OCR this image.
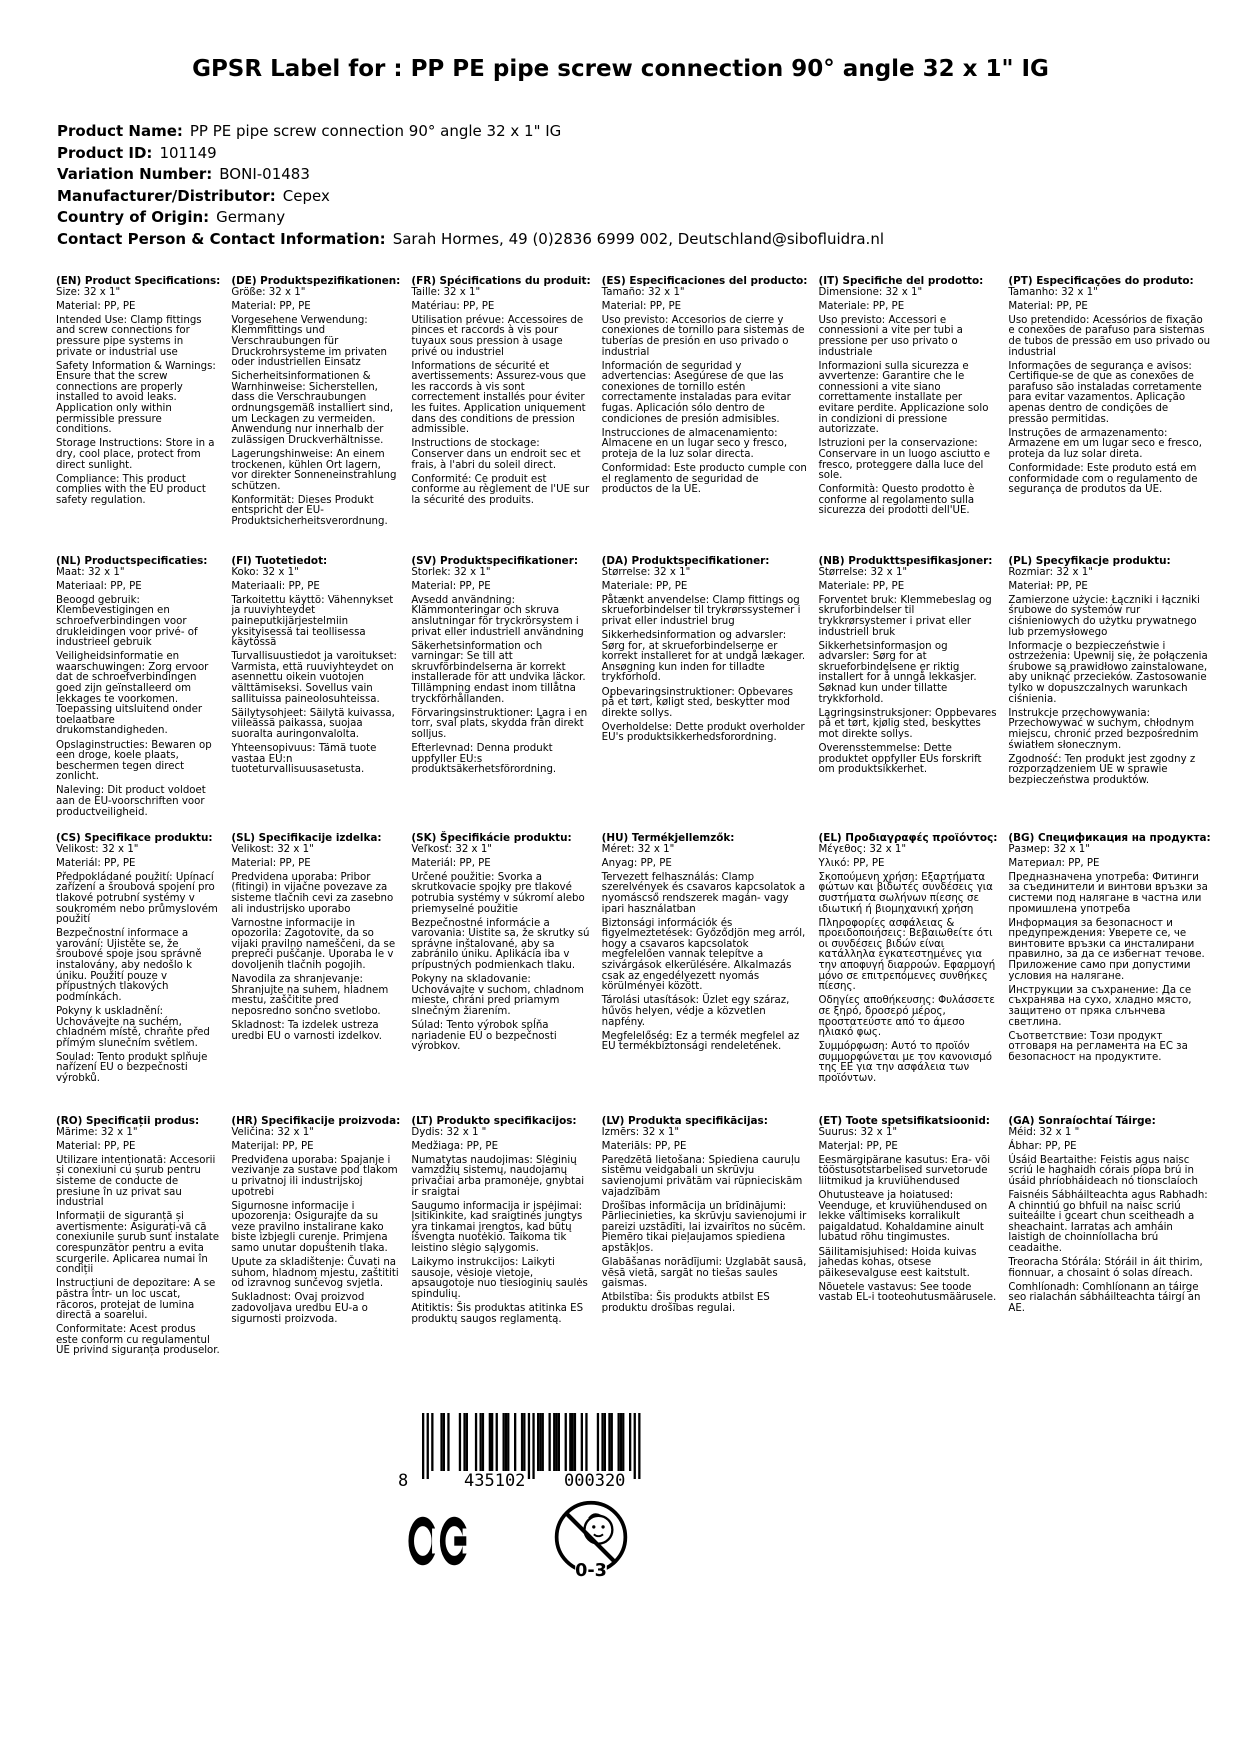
GPSR Label for : PP PE pipe screw connection 90° angle 32 x 1" IG
Product Name: PP PE pipe screw connection 90° angle 32 x 1" IG
Product ID: 101149
Variation Number: BONI-01483
Manufacturer/Distributor: Cepex
Country of Origin: Germany
Contact Person & Contact Information: Sarah Hormes, 49 (0)2836 6999 002, Deutschland@sibofluidra.nl
(EN) Product Specifications:

Size: 32 x 1"

Material: PP, PE

Intended Use: Clamp fittings and screw connections for pressure pipe systems in private or industrial use

Safety Information & Warnings: Ensure that the screw connections are properly installed to avoid leaks. Application only within permissible pressure conditions.

Storage Instructions: Store in a dry, cool place, protect from direct sunlight.

Compliance: This product complies with the EU product safety regulation.

(DE) Produktspezifikationen:

Größe: 32 x 1"

Material: PP, PE

Vorgesehene Verwendung: Klemmfittings und Verschraubungen für Druckrohrsysteme im privaten oder industriellen Einsatz

Sicherheitsinformationen & Warnhinweise: Sicherstellen, dass die Verschraubungen ordnungsgemäß installiert sind, um Leckagen zu vermeiden. Anwendung nur innerhalb der zulässigen Druckverhältnisse.

Lagerungshinweise: An einem trockenen, kühlen Ort lagern, vor direkter Sonneneinstrahlung schützen.

Konformität: Dieses Produkt entspricht der EU-Produktsicherheitsverordnung.

(FR) Spécifications du produit:

Taille: 32 x 1"

Matériau: PP, PE

Utilisation prévue: Accessoires de pinces et raccords à vis pour tuyaux sous pression à usage privé ou industriel

Informations de sécurité et avertissements: Assurez-vous que les raccords à vis sont correctement installés pour éviter les fuites. Application uniquement dans des conditions de pression admissible.

Instructions de stockage: Conserver dans un endroit sec et frais, à l'abri du soleil direct.

Conformité: Ce produit est conforme au règlement de l'UE sur la sécurité des produits.

(ES) Especificaciones del producto:

Tamaño: 32 x 1"

Material: PP, PE

Uso previsto: Accesorios de cierre y conexiones de tornillo para sistemas de tuberías de presión en uso privado o industrial

Información de seguridad y advertencias: Asegúrese de que las conexiones de tornillo estén correctamente instaladas para evitar fugas. Aplicación sólo dentro de condiciones de presión admisibles.

Instrucciones de almacenamiento: Almacene en un lugar seco y fresco, proteja de la luz solar directa.

Conformidad: Este producto cumple con el reglamento de seguridad de productos de la UE.

(IT) Specifiche del prodotto:

Dimensione: 32 x 1"

Materiale: PP, PE

Uso previsto: Accessori e connessioni a vite per tubi a pressione per uso privato o industriale

Informazioni sulla sicurezza e avvertenze: Garantire che le connessioni a vite siano correttamente installate per evitare perdite. Applicazione solo in condizioni di pressione autorizzate.

Istruzioni per la conservazione: Conservare in un luogo asciutto e fresco, proteggere dalla luce del sole.

Conformità: Questo prodotto è conforme al regolamento sulla sicurezza dei prodotti dell'UE.

(PT) Especificações do produto:

Tamanho: 32 x 1"

Material: PP, PE

Uso pretendido: Acessórios de fixação e conexões de parafuso para sistemas de tubos de pressão em uso privado ou industrial

Informações de segurança e avisos: Certifique-se de que as conexões de parafuso são instaladas corretamente para evitar vazamentos. Aplicação apenas dentro de condições de pressão permitidas.

Instruções de armazenamento: Armazene em um lugar seco e fresco, proteja da luz solar direta.

Conformidade: Este produto está em conformidade com o regulamento de segurança de produtos da UE.

(NL) Productspecificaties:

Maat: 32 x 1"

Materiaal: PP, PE

Beoogd gebruik: Klembevestigingen en schroefverbindingen voor drukleidingen voor privé- of industrieel gebruik

Veiligheidsinformatie en waarschuwingen: Zorg ervoor dat de schroefverbindingen goed zijn geïnstalleerd om lekkages te voorkomen. Toepassing uitsluitend onder toelaatbare drukomstandigheden.

Opslaginstructies: Bewaren op een droge, koele plaats, beschermen tegen direct zonlicht.

Naleving: Dit product voldoet aan de EU-voorschriften voor productveiligheid.

(FI) Tuotetiedot:

Koko: 32 x 1"

Materiaali: PP, PE

Tarkoitettu käyttö: Vähennykset ja ruuviyhteydet paineputkijärjestelmiin yksityisessä tai teollisessa käytössä

Turvallisuustiedot ja varoitukset: Varmista, että ruuviyhteydet on asennettu oikein vuotojen välttämiseksi. Sovellus vain sallituissa paineolosuhteissa.

Säilytysohjeet: Säilytä kuivassa, viileässä paikassa, suojaa suoralta auringonvalolta.

Yhteensopivuus: Tämä tuote vastaa EU:n tuoteturvallisuusasetusta.

(SV) Produktspecifikationer:

Storlek: 32 x 1"

Material: PP, PE

Avsedd användning: Klämmonteringar och skruva anslutningar för tryckrörsystem i privat eller industriell användning

Säkerhetsinformation och varningar: Se till att skruvförbindelserna är korrekt installerade för att undvika läckor. Tillämpning endast inom tillåtna tryckförhållanden.

Förvaringsinstruktioner: Lagra i en torr, sval plats, skydda från direkt solljus.

Efterlevnad: Denna produkt uppfyller EU:s produktsäkerhetsförordning.

(DA) Produktspecifikationer:

Størrelse: 32 x 1"

Materiale: PP, PE

Påtænkt anvendelse: Clamp fittings og skrueforbindelser til trykrørssystemer i privat eller industriel brug

Sikkerhedsinformation og advarsler: Sørg for, at skrueforbindelserne er korrekt installeret for at undgå lækager. Ansøgning kun inden for tilladte trykforhold.

Opbevaringsinstruktioner: Opbevares på et tørt, køligt sted, beskytter mod direkte sollys.

Overholdelse: Dette produkt overholder EU's produktsikkerhedsforordning.

(NB) Produkttspesifikasjoner:

Størrelse: 32 x 1"

Materiale: PP, PE

Forventet bruk: Klemmebeslag og skruforbindelser til trykkrørsystemer i privat eller industriell bruk

Sikkerhetsinformasjon og advarsler: Sørg for at skrueforbindelsene er riktig installert for å unngå lekkasjer. Søknad kun under tillatte trykkforhold.

Lagringsinstruksjoner: Oppbevares på et tørt, kjølig sted, beskyttes mot direkte sollys.

Overensstemmelse: Dette produktet oppfyller EUs forskrift om produktsikkerhet.

(PL) Specyfikacje produktu:

Rozmiar: 32 x 1"

Materiał: PP, PE

Zamierzone użycie: Łączniki i łączniki śrubowe do systemów rur ciśnieniowych do użytku prywatnego lub przemysłowego

Informacje o bezpieczeństwie i ostrzeżenia: Upewnij się, że połączenia śrubowe są prawidłowo zainstalowane, aby uniknąć przecieków. Zastosowanie tylko w dopuszczalnych warunkach ciśnienia.

Instrukcje przechowywania: Przechowywać w suchym, chłodnym miejscu, chronić przed bezpośrednim światłem słonecznym.

Zgodność: Ten produkt jest zgodny z rozporządzeniem UE w sprawie bezpieczeństwa produktów.

(CS) Specifikace produktu:

Velikost: 32 x 1"

Materiál: PP, PE

Předpokládané použití: Upínací zařízení a šroubová spojení pro tlakové potrubní systémy v soukromém nebo průmyslovém použití

Bezpečnostní informace a varování: Ujistěte se, že šroubové spoje jsou správně instalovány, aby nedošlo k úniku. Použití pouze v přípustných tlakových podmínkách.

Pokyny k uskladnění: Uchovávejte na suchém, chladném místě, chraňte před přímým slunečním světlem.

Soulad: Tento produkt splňuje nařízení EU o bezpečnosti výrobků.

(SL) Specifikacije izdelka:

Velikost: 32 x 1"

Material: PP, PE

Predvidena uporaba: Pribor (fitingi) in vijačne povezave za sisteme tlačnih cevi za zasebno ali industrijsko uporabo

Varnostne informacije in opozorila: Zagotovite, da so vijaki pravilno nameščeni, da se prepreči puščanje. Uporaba le v dovoljenih tlačnih pogojih.

Navodila za shranjevanje: Shranjujte na suhem, hladnem mestu, zaščitite pred neposredno sončno svetlobo.

Skladnost: Ta izdelek ustreza uredbi EU o varnosti izdelkov.

(SK) Špecifikácie produktu:

Veľkosť: 32 x 1"

Materiál: PP, PE

Určené použitie: Svorka a skrutkovacie spojky pre tlakové potrubia systémy v súkromí alebo priemyselné použitie

Bezpečnostné informácie a varovania: Uistite sa, že skrutky sú správne inštalované, aby sa zabránilo úniku. Aplikácia iba v prípustných podmienkach tlaku.

Pokyny na skladovanie: Uchovávajte v suchom, chladnom mieste, chráni pred priamym slnečným žiarením.

Súlad: Tento výrobok spĺňa nariadenie EÚ o bezpečnosti výrobkov.

(HU) Termékjellemzők:

Méret: 32 x 1"

Anyag: PP, PE

Tervezett felhasználás: Clamp szerelvények és csavaros kapcsolatok a nyomáscső rendszerek magán- vagy ipari használatban

Biztonsági információk és figyelmeztetések: Győződjön meg arról, hogy a csavaros kapcsolatok megfelelően vannak telepítve a szivárgások elkerülésére. Alkalmazás csak az engedélyezett nyomás körülményei között.

Tárolási utasítások: Üzlet egy száraz, hűvös helyen, védje a közvetlen napfény.

Megfelelőség: Ez a termék megfelel az EU termékbiztonsági rendeletének.

(EL) Προδιαγραφές προϊόντος:

Μέγεθος: 32 x 1"

Υλικό: PP, PE

Σκοπούμενη χρήση: Εξαρτήματα φώτων και βιδωτές συνδέσεις για συστήματα σωλήνων πίεσης σε ιδιωτική ή βιομηχανική χρήση

Πληροφορίες ασφάλειας & προειδοποιήσεις: Βεβαιωθείτε ότι οι συνδέσεις βιδών είναι κατάλληλα εγκατεστημένες για την αποφυγή διαρροών. Εφαρμογή μόνο σε επιτρεπόμενες συνθήκες πίεσης.

Οδηγίες αποθήκευσης: Φυλάσσετε σε ξηρό, δροσερό μέρος, προστατεύστε από το άμεσο ηλιακό φως.

Συμμόρφωση: Αυτό το προϊόν συμμορφώνεται με τον κανονισμό της ΕΕ για την ασφάλεια των προϊόντων.

(BG) Спецификация на продукта:

Размер: 32 x 1"

Материал: PP, PE

Предназначена употреба: Фитинги за съединители и винтови връзки за системи под налягане в частна или промишлена употреба

Информация за безопасност и предупреждения: Уверете се, че винтовите връзки са инсталирани правилно, за да се избегнат течове. Приложение само при допустими условия на налягане.

Инструкции за съхранение: Да се съхранява на сухо, хладно място, защитено от пряка слънчева светлина.

Съответствие: Този продукт отговаря на регламента на ЕС за безопасност на продуктите.

(RO) Specificații produs:

Mărime: 32 x 1"

Material: PP, PE

Utilizare intenționată: Accesorii și conexiuni cu șurub pentru sisteme de conducte de presiune în uz privat sau industrial

Informații de siguranță și avertismente: Asigurați-vă că conexiunile șurub sunt instalate corespunzător pentru a evita scurgerile. Aplicarea numai în condiții

Instrucțiuni de depozitare: A se păstra într- un loc uscat, răcoros, protejat de lumina directă a soarelui.

Conformitate: Acest produs este conform cu regulamentul UE privind siguranța produselor.

(HR) Specifikacije proizvoda:

Veličina: 32 x 1"

Materijal: PP, PE

Predviđena uporaba: Spajanje i vezivanje za sustave pod tlakom u privatnoj ili industrijskoj upotrebi

Sigurnosne informacije i upozorenja: Osigurajte da su veze pravilno instalirane kako biste izbjegli curenje. Primjena samo unutar dopuštenih tlaka.

Upute za skladištenje: Čuvati na suhom, hladnom mjestu, zaštititi od izravnog sunčevog svjetla.

Sukladnost: Ovaj proizvod zadovoljava uredbu EU-a o sigurnosti proizvoda.

(LT) Produkto specifikacijos:

Dydis: 32 x 1 "

Medžiaga: PP, PE

Numatytas naudojimas: Slėginių vamzdžių sistemų, naudojamų privačiai arba pramonėje, gnybtai ir sraigtai

Saugumo informacija ir įspėjimai: Įsitikinkite, kad sraigtinės jungtys yra tinkamai įrengtos, kad būtų išvengta nuotėkio. Taikoma tik leistino slėgio sąlygomis.

Laikymo instrukcijos: Laikyti sausoje, vėsioje vietoje, apsaugotoje nuo tiesioginių saulės spindulių.

Atitiktis: Šis produktas atitinka ES produktų saugos reglamentą.

(LV) Produkta specifikācijas:

Izmērs: 32 x 1"

Materiāls: PP, PE

Paredzētā lietošana: Spiediena cauruļu sistēmu veidgabali un skrūvju savienojumi privātām vai rūpnieciskām vajadzībām

Drošības informācija un brīdinājumi: Pārliecinieties, ka skrūvju savienojumi ir pareizi uzstādīti, lai izvairītos no sūcēm. Piemēro tikai pieļaujamos spiediena apstākļos.

Glabāšanas norādījumi: Uzglabāt sausā, vēsā vietā, sargāt no tiešas saules gaismas.

Atbilstība: Šis produkts atbilst ES produktu drošības regulai.

(ET) Toote spetsifikatsioonid:

Suurus: 32 x 1"

Materjal: PP, PE

Eesmärgipärane kasutus: Era- või tööstusotstarbelised survetorude liitmikud ja kruviühendused

Ohutusteave ja hoiatused: Veenduge, et kruviühendused on lekke vältimiseks korralikult paigaldatud. Kohaldamine ainult lubatud rõhu tingimustes.

Säilitamisjuhised: Hoida kuivas jahedas kohas, otsese päikesevalguse eest kaitstult.

Nõuetele vastavus: See toode vastab EL-i tooteohutusmäärusele.

(GA) Sonraíochtaí Táirge:

Méid: 32 x 1 "

Ábhar: PP, PE

Úsáid Beartaithe: Feistis agus naisc scriú le haghaidh córais píopa brú in úsáid phríobháideach nó tionsclaíoch

Faisnéis Sábháilteachta agus Rabhadh: A chinntiú go bhfuil na naisc scriú suiteáilte i gceart chun sceitheadh a sheachaint. Iarratas ach amháin laistigh de choinníollacha brú ceadaithe.

Treoracha Stórála: Stóráil in áit thirim, fionnuar, a chosaint ó solas díreach.

Comhlíonadh: Comhlíonann an táirge seo rialachán sábháilteachta táirgí an AE.

8	435102 000320
0-3
